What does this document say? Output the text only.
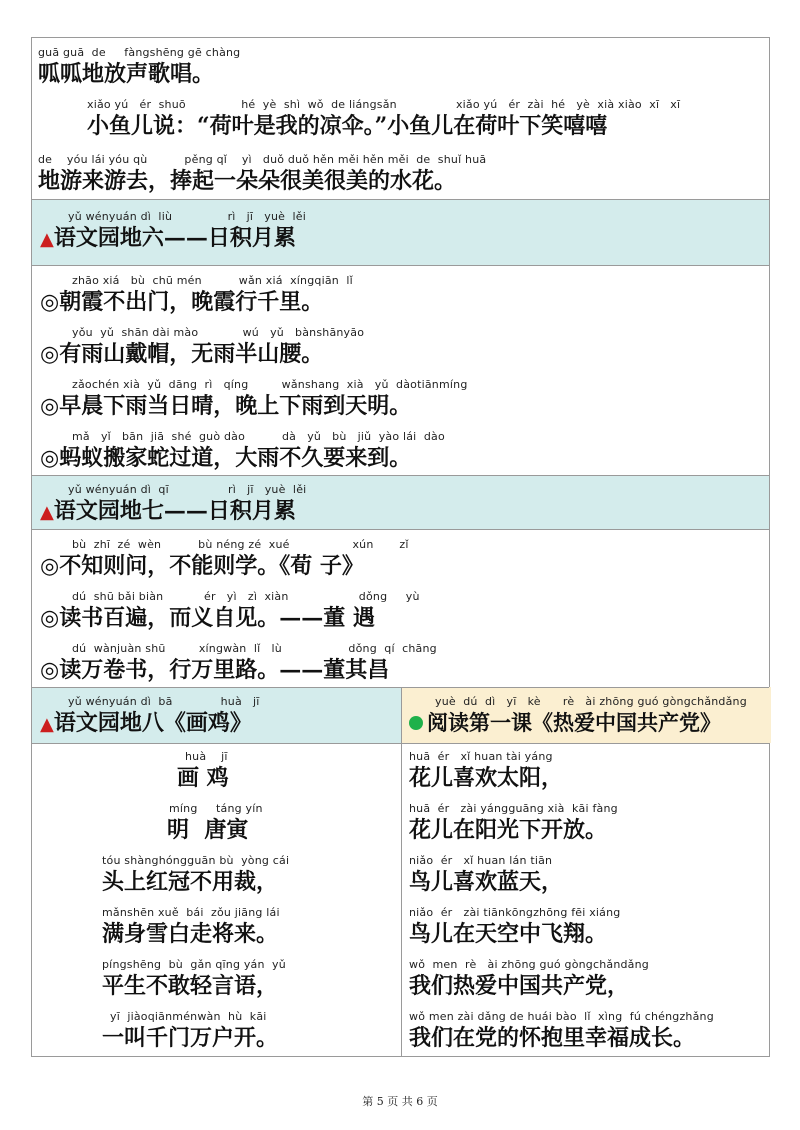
guā guā  de     fàngshēng gē chàng
呱呱地放声歌唱。
xiǎo yú   ér  shuō               hé  yè  shì  wǒ  de liángsǎn                xiǎo yú   ér  zài  hé   yè  xià xiào  xī   xī
小鱼儿说：“荷叶是我的凉伞。”小鱼儿在荷叶下笑嘻嘻
de    yóu lái yóu qù          pěng qǐ    yì   duǒ duǒ hěn měi hěn měi  de  shuǐ huā
地游来游去，捧起一朵朵很美很美的水花。
yǔ wényuán dì  liù               rì   jī   yuè  lěi
▲语文园地六——日积月累
zhāo xiá   bù  chū mén          wǎn xiá  xíngqiān  lǐ
◎朝霞不出门，晚霞行千里。
yǒu  yǔ  shān dài mào            wú   yǔ   bànshānyāo
◎有雨山戴帽，无雨半山腰。
zǎochén xià  yǔ  dāng  rì   qíng         wǎnshang  xià   yǔ  dàotiānmíng
◎早晨下雨当日晴，晚上下雨到天明。
mǎ   yǐ   bān  jiā  shé  guò dào          dà   yǔ   bù   jiǔ  yào lái  dào
◎蚂蚁搬家蛇过道，大雨不久要来到。
yǔ wényuán dì  qī                rì   jī   yuè  lěi
▲语文园地七——日积月累
bù  zhī  zé  wèn          bù néng zé  xué                 xún       zǐ
◎不知则问，不能则学。《荀 子》
dú  shū bǎi biàn           ér   yì   zì  xiàn                   dǒng     yù
◎读书百遍，而义自见。——董 遇
dú  wànjuàn shū         xíngwàn  lǐ   lù                  dǒng  qí  chāng
◎读万卷书，行万里路。——董其昌
yǔ wényuán dì  bā             huà   jī
▲语文园地八《画鸡》
yuè  dú  dì   yī   kè      rè   ài zhōng guó gòngchǎndǎng
阅读第一课《热爱中国共产党》
huà    jī
画 鸡
míng     táng yín
明  唐寅
tóu shànghóngguān bù  yòng cái
头上红冠不用裁，
mǎnshēn xuě  bái  zǒu jiāng lái
满身雪白走将来。
píngshēng  bù  gǎn qīng yán  yǔ
平生不敢轻言语，
yī  jiàoqiānménwàn  hù  kāi
一叫千门万户开。
huā  ér   xǐ huan tài yáng
花儿喜欢太阳，
huā  ér   zài yángguāng xià  kāi fàng
花儿在阳光下开放。
niǎo  ér   xǐ huan lán tiān
鸟儿喜欢蓝天，
niǎo  ér   zài tiānkōngzhōng fēi xiáng
鸟儿在天空中飞翔。
wǒ  men  rè   ài zhōng guó gòngchǎndǎng
我们热爱中国共产党，
wǒ men zài dǎng de huái bào  lǐ  xìng  fú chéngzhǎng
我们在党的怀抱里幸福成长。
第 5 页 共 6 页
